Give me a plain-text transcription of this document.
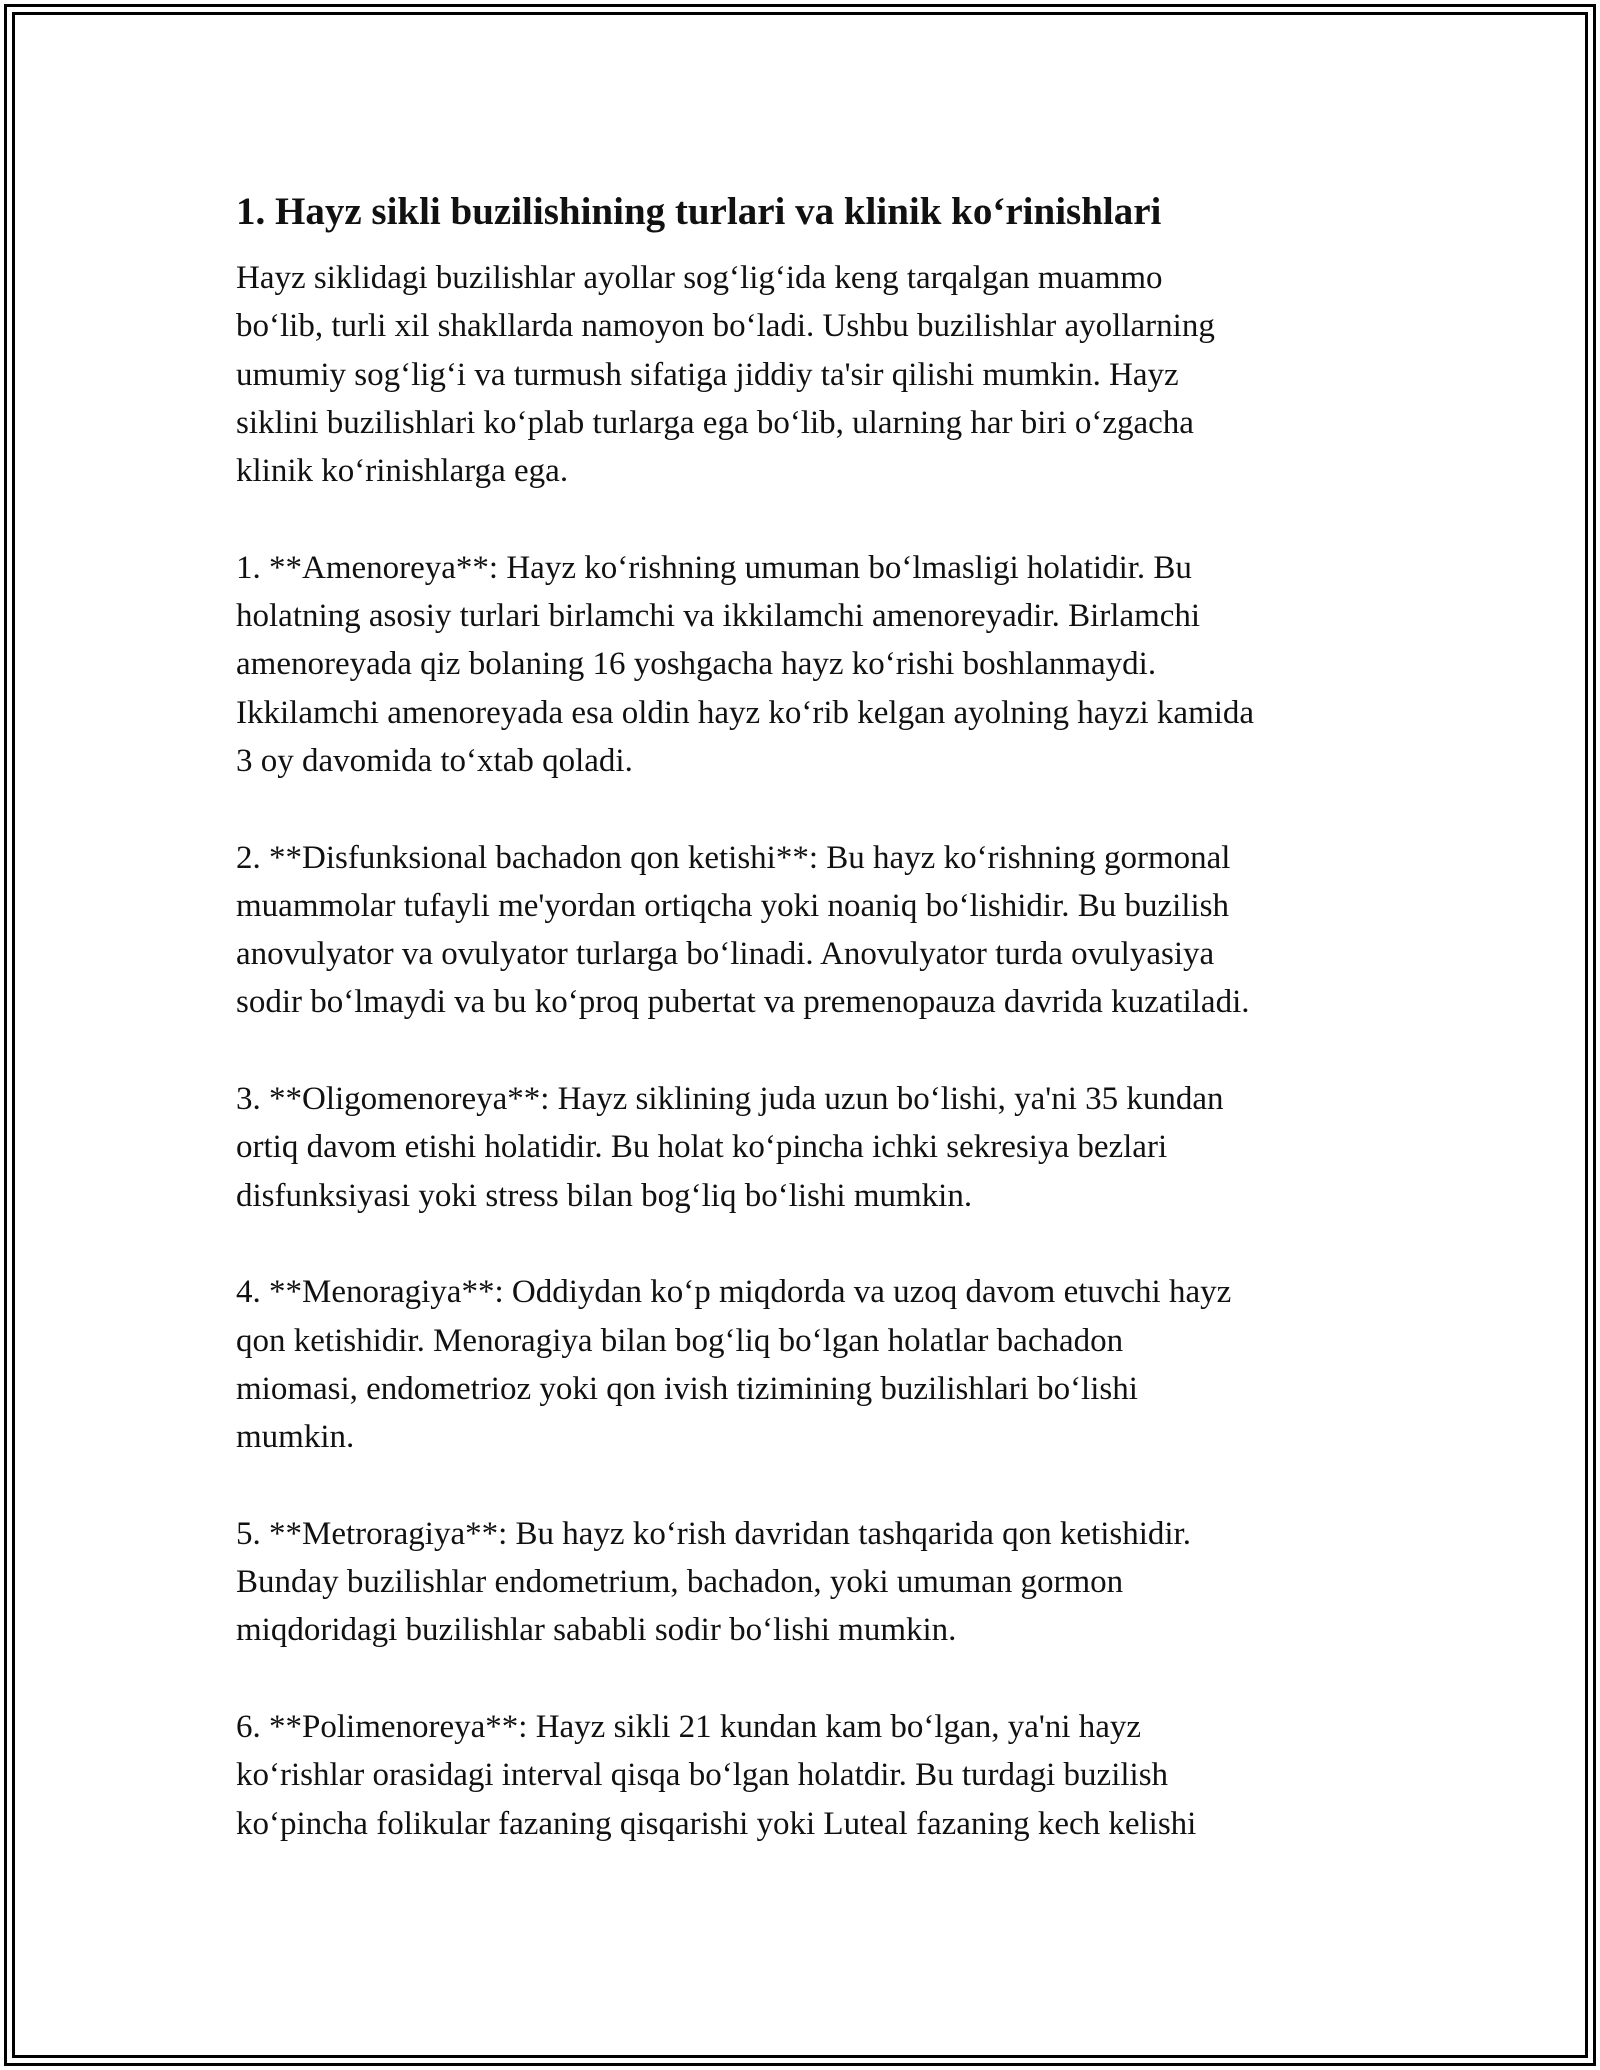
1. Hayz sikli buzilishining turlari va klinik ko‘rinishlari

Hayz siklidagi buzilishlar ayollar sog‘lig‘ida keng tarqalgan muammo
bo‘lib, turli xil shakllarda namoyon bo‘ladi. Ushbu buzilishlar ayollarning
umumiy sog‘lig‘i va turmush sifatiga jiddiy ta'sir qilishi mumkin. Hayz
siklini buzilishlari ko‘plab turlarga ega bo‘lib, ularning har biri o‘zgacha
klinik ko‘rinishlarga ega.

1. **Amenoreya**: Hayz ko‘rishning umuman bo‘lmasligi holatidir. Bu
holatning asosiy turlari birlamchi va ikkilamchi amenoreyadir. Birlamchi
amenoreyada qiz bolaning 16 yoshgacha hayz ko‘rishi boshlanmaydi.
Ikkilamchi amenoreyada esa oldin hayz ko‘rib kelgan ayolning hayzi kamida
3 oy davomida to‘xtab qoladi.

2. **Disfunksional bachadon qon ketishi**: Bu hayz ko‘rishning gormonal
muammolar tufayli me'yordan ortiqcha yoki noaniq bo‘lishidir. Bu buzilish
anovulyator va ovulyator turlarga bo‘linadi. Anovulyator turda ovulyasiya
sodir bo‘lmaydi va bu ko‘proq pubertat va premenopauza davrida kuzatiladi.

3. **Oligomenoreya**: Hayz siklining juda uzun bo‘lishi, ya'ni 35 kundan
ortiq davom etishi holatidir. Bu holat ko‘pincha ichki sekresiya bezlari
disfunksiyasi yoki stress bilan bog‘liq bo‘lishi mumkin.

4. **Menoragiya**: Oddiydan ko‘p miqdorda va uzoq davom etuvchi hayz
qon ketishidir. Menoragiya bilan bog‘liq bo‘lgan holatlar bachadon
miomasi, endometrioz yoki qon ivish tizimining buzilishlari bo‘lishi
mumkin.

5. **Metroragiya**: Bu hayz ko‘rish davridan tashqarida qon ketishidir.
Bunday buzilishlar endometrium, bachadon, yoki umuman gormon
miqdoridagi buzilishlar sababli sodir bo‘lishi mumkin.

6. **Polimenoreya**: Hayz sikli 21 kundan kam bo‘lgan, ya'ni hayz
ko‘rishlar orasidagi interval qisqa bo‘lgan holatdir. Bu turdagi buzilish
ko‘pincha folikular fazaning qisqarishi yoki Luteal fazaning kech kelishi
